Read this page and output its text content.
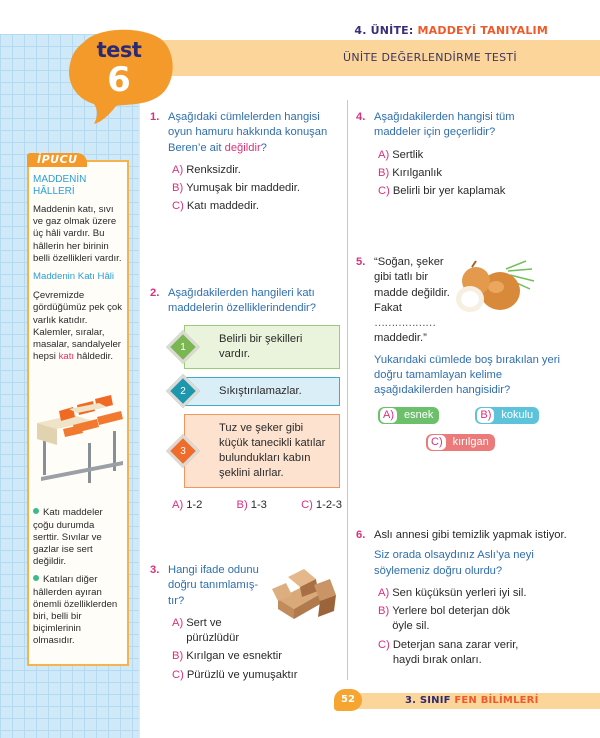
4. ÜNİTE: MADDEYİ TANIYALIM
ÜNİTE DEĞERLENDİRME TESTİ
test
6
İPUCU
MADDENİN HÂLLERİ
Maddenin katı, sıvı ve gaz olmak üzere üç hâli vardır. Bu hâllerin her birinin belli özellikleri vardır.
Maddenin Katı Hâli
Çevremizde gördüğümüz pek çok varlık katıdır. Kalemler, sıralar, masalar, sandalyeler hepsi katı hâldedir.
Katı maddeler çoğu durumda serttir. Sıvılar ve gazlar ise sert değildir.
Katıları diğer hâllerden ayıran önemli özelliklerden biri, belli bir biçimlerinin olmasıdır.
1. Aşağıdaki cümlelerden hangisi oyun hamuru hakkında konuşan Beren’e ait değildir?
A) Renksizdir.
B) Yumuşak bir maddedir.
C) Katı maddedir.
2. Aşağıdakilerden hangileri katı maddelerin özelliklerindendir?
1
Belirli bir şekilleri vardır.
2	Sıkıştırılamazlar.
3
Tuz ve şeker gibi küçük tanecikli katılar bulundukları kabın şeklini alırlar.
A) 1-2	B) 1-3	C) 1-2-3
3. Hangi ifade odunu doğru tanımlamış-tır?
A) Sert ve pürüzlüdür
B) Kırılgan ve esnektir
C) Pürüzlü ve yumuşaktır
4. Aşağıdakilerden hangisi tüm maddeler için geçerlidir?
A) Sertlik
B) Kırılganlık
C) Belirli bir yer kaplamak
5. “Soğan, şeker gibi tatlı bir madde değildir. Fakat
………………
maddedir.”
Yukarıdaki cümlede boş bırakılan yeri doğru tamamlayan kelime aşağıdakilerden hangisidir?
A) esnek	B) kokulu
C) kırılgan
6. Aslı annesi gibi temizlik yapmak istiyor.
Siz orada olsaydınız Aslı’ya neyi söylemeniz doğru olurdu?
A) Sen küçüksün yerleri iyi sil.
B) Yerlere bol deterjan dök öyle sil.
C) Deterjan sana zarar verir, haydi bırak onları.
52	3. SINIF FEN BİLİMLERİ
